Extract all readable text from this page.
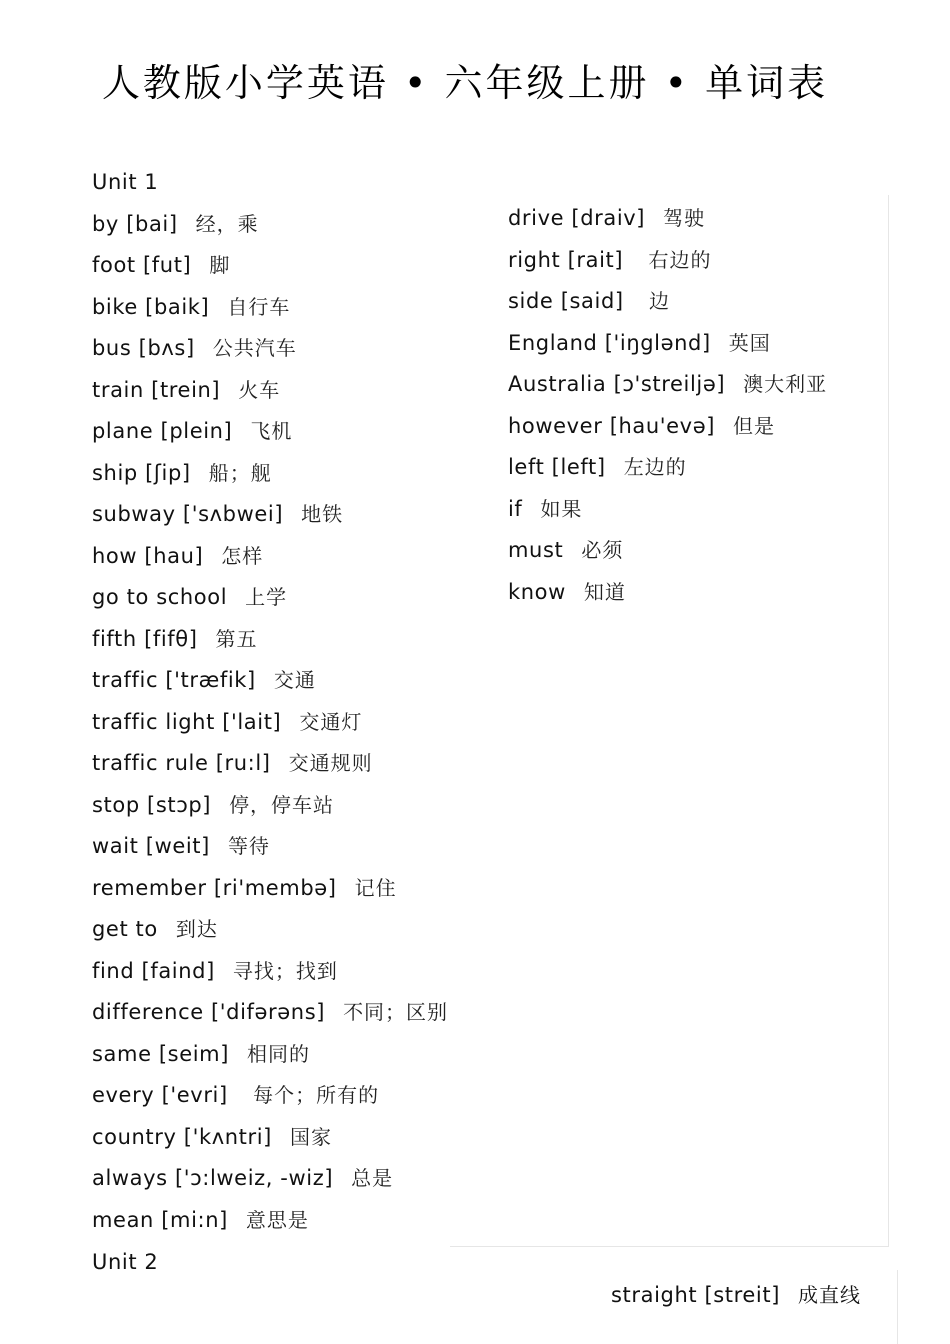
人教版小学英语 • 六年级上册 • 单词表
Unit 1
by [bai] 经，乘
foot [fut] 脚
bike [baik] 自行车
bus [bʌs] 公共汽车
train [trein] 火车
plane [plein] 飞机
ship [ʃip] 船；舰
subway ['sʌbwei] 地铁
how [hau] 怎样
go to school 上学
fifth [fifθ] 第五
traffic ['træfik] 交通
traffic light ['lait] 交通灯
traffic rule [ru:l] 交通规则
stop [stɔp] 停，停车站
wait [weit] 等待
remember [ri'membə] 记住
get to 到达
find [faind] 寻找；找到
difference ['difərəns] 不同；区别
same [seim] 相同的
every ['evri] 每个；所有的
country ['kʌntri] 国家
always ['ɔ:lweiz, -wiz] 总是
mean [mi:n] 意思是
drive [draiv] 驾驶
right [rait] 右边的
side [said] 边
England ['iŋglənd] 英国
Australia [ɔ'streiljə] 澳大利亚
however [hau'evə] 但是
left [left] 左边的
if 如果
must 必须
know 知道
Unit 2
straight [streit] 成直线
